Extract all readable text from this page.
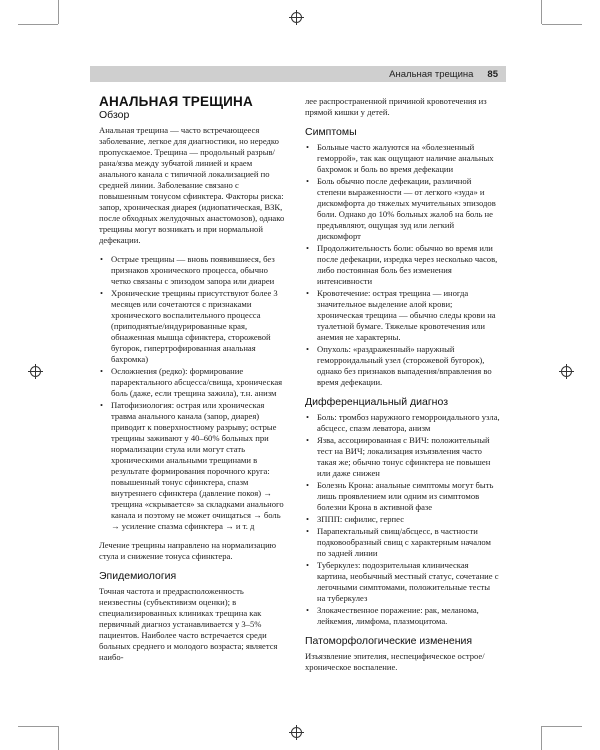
Анальная трещина 85
АНАЛЬНАЯ ТРЕЩИНА
Обзор

Анальная трещина — часто встречающееся заболевание, легкое для диагностики, но нередко пропускаемое. Трещина — продольный разрыв/рана/язва между зубчатой линией и краем анального канала с типичной локализацией по средней линии. Заболевание связано с повышенным тонусом сфинктера. Факторы риска: запор, хроническая диарея (идиопатическая, ВЗК, после обходных желудочных анастомозов), однако трещины могут возникать и при нормальной дефекации.

• Острые трещины — вновь появившиеся, без признаков хронического процесса, обычно четко связаны с эпизодом запора или диареи
• Хронические трещины присутствуют более 3 месяцев или сочетаются с признаками хронического воспалительного процесса (приподнятые/индурированные края, обнаженная мышца сфинктера, сторожевой бугорок, гипертрофированная анальная бахромка)
• Осложнения (редко): формирование параректального абсцесса/свища, хроническая боль (даже, если трещина зажила), т.н. анизм
• Патофизиология: острая или хроническая травма анального канала (запор, диарея) приводит к поверхностному разрыву; острые трещины заживают у 40–60% больных при нормализации стула или могут стать хроническими анальными трещинами в результате формирования порочного круга: повышенный тонус сфинктера, спазм внутреннего сфинктера (давление покоя) → трещина «скрывается» за складками анального канала и поэтому не может очищаться → боль → усиление спазма сфинктера → и т. д

Лечение трещины направлено на нормализацию стула и снижение тонуса сфинктера.

Эпидемиология

Точная частота и предрасположенность неизвестны (субъективизм оценки); в специализированных клиниках трещина как первичный диагноз устанавливается у 3–5% пациентов. Наиболее часто встречается среди больных среднего и молодого возраста; является наибо-

лее распространенной причиной кровотечения из прямой кишки у детей.

Симптомы
• Больные часто жалуются на «болезненный геморрой», так как ощущают наличие анальных бахромок и боль во время дефекации
• Боль обычно после дефекации, различной степени выраженности — от легкого «зуда» и дискомфорта до тяжелых мучительных эпизодов боли. Однако до 10% больных жалоб на боль не предъявляют, ощущая зуд или легкий дискомфорт
• Продолжительность боли: обычно во время или после дефекации, изредка через несколько часов, либо постоянная боль без изменения интенсивности
• Кровотечение: острая трещина — иногда значительное выделение алой крови; хроническая трещина — обычно следы крови на туалетной бумаге. Тяжелые кровотечения или анемия не характерны.
• Опухоль: «раздраженный» наружный геморроидальный узел (сторожевой бугорок), однако без признаков выпадения/вправления во время дефекации.
Дифференциальный диагноз
• Боль: тромбоз наружного геморроидального узла, абсцесс, спазм леватора, анизм
• Язва, ассоциированная с ВИЧ: положительный тест на ВИЧ; локализация изъязвления часто такая же; обычно тонус сфинктера не повышен или даже снижен
• Болезнь Крона: анальные симптомы могут быть лишь проявлением или одним из симптомов болезни Крона в активной фазе
• ЗППП: сифилис, герпес
• Парапектальный свищ/абсцесс, в частности подковообразный свищ с характерным началом по задней линии
• Туберкулез: подозрительная клиническая картина, необычный местный статус, сочетание с легочными симптомами, положительные тесты на туберкулез
• Злокачественное поражение: рак, меланома, лейкемия, лимфома, плазмоцитома.
Патоморфологические изменения

Изъязвление эпителия, неспецифическое острое/хроническое воспаление.
